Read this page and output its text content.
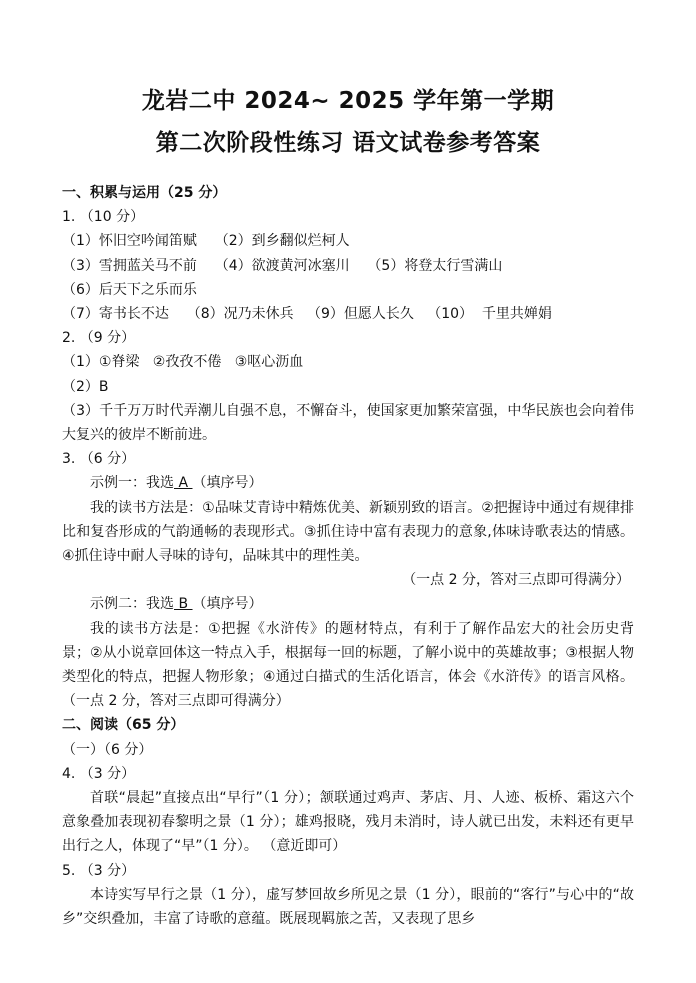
龙岩二中 2024~ 2025 学年第一学期
第二次阶段性练习 语文试卷参考答案
一、积累与运用（25 分）
1. （10 分）
（1）怀旧空吟闻笛赋    （2）到乡翻似烂柯人
（3）雪拥蓝关马不前    （4）欲渡黄河冰塞川    （5）将登太行雪满山
（6）后天下之乐而乐
（7）寄书长不达    （8）况乃未休兵   （9）但愿人长久   （10）  千里共婵娟
2. （9 分）
（1）①脊梁   ②孜孜不倦   ③呕心沥血
（2）B
（3）千千万万时代弄潮儿自强不息，不懈奋斗，使国家更加繁荣富强，中华民族也会向着伟大复兴的彼岸不断前进。
3. （6 分）
示例一：我选 A （填序号）
我的读书方法是：①品味艾青诗中精炼优美、新颖别致的语言。②把握诗中通过有规律排比和复沓形成的气韵通畅的表现形式。③抓住诗中富有表现力的意象,体味诗歌表达的情感。④抓住诗中耐人寻味的诗句，品味其中的理性美。
（一点 2 分，答对三点即可得满分）
示例二：我选 B （填序号）
我的读书方法是：①把握《水浒传》的题材特点，有利于了解作品宏大的社会历史背景；②从小说章回体这一特点入手，根据每一回的标题，了解小说中的英雄故事；③根据人物类型化的特点，把握人物形象；④通过白描式的生活化语言，体会《水浒传》的语言风格。（一点 2 分，答对三点即可得满分）
二、阅读（65 分）
（一）（6 分）
4. （3 分）
首联“晨起”直接点出“早行”（1 分）；颔联通过鸡声、茅店、月、人迹、板桥、霜这六个意象叠加表现初春黎明之景（1 分）；雄鸡报晓，残月未消时，诗人就已出发，未料还有更早出行之人，体现了“早”（1 分）。 （意近即可）
5. （3 分）
本诗实写早行之景（1 分），虚写梦回故乡所见之景（1 分），眼前的“客行”与心中的“故乡”交织叠加，丰富了诗歌的意蕴。既展现羁旅之苦，又表现了思乡
